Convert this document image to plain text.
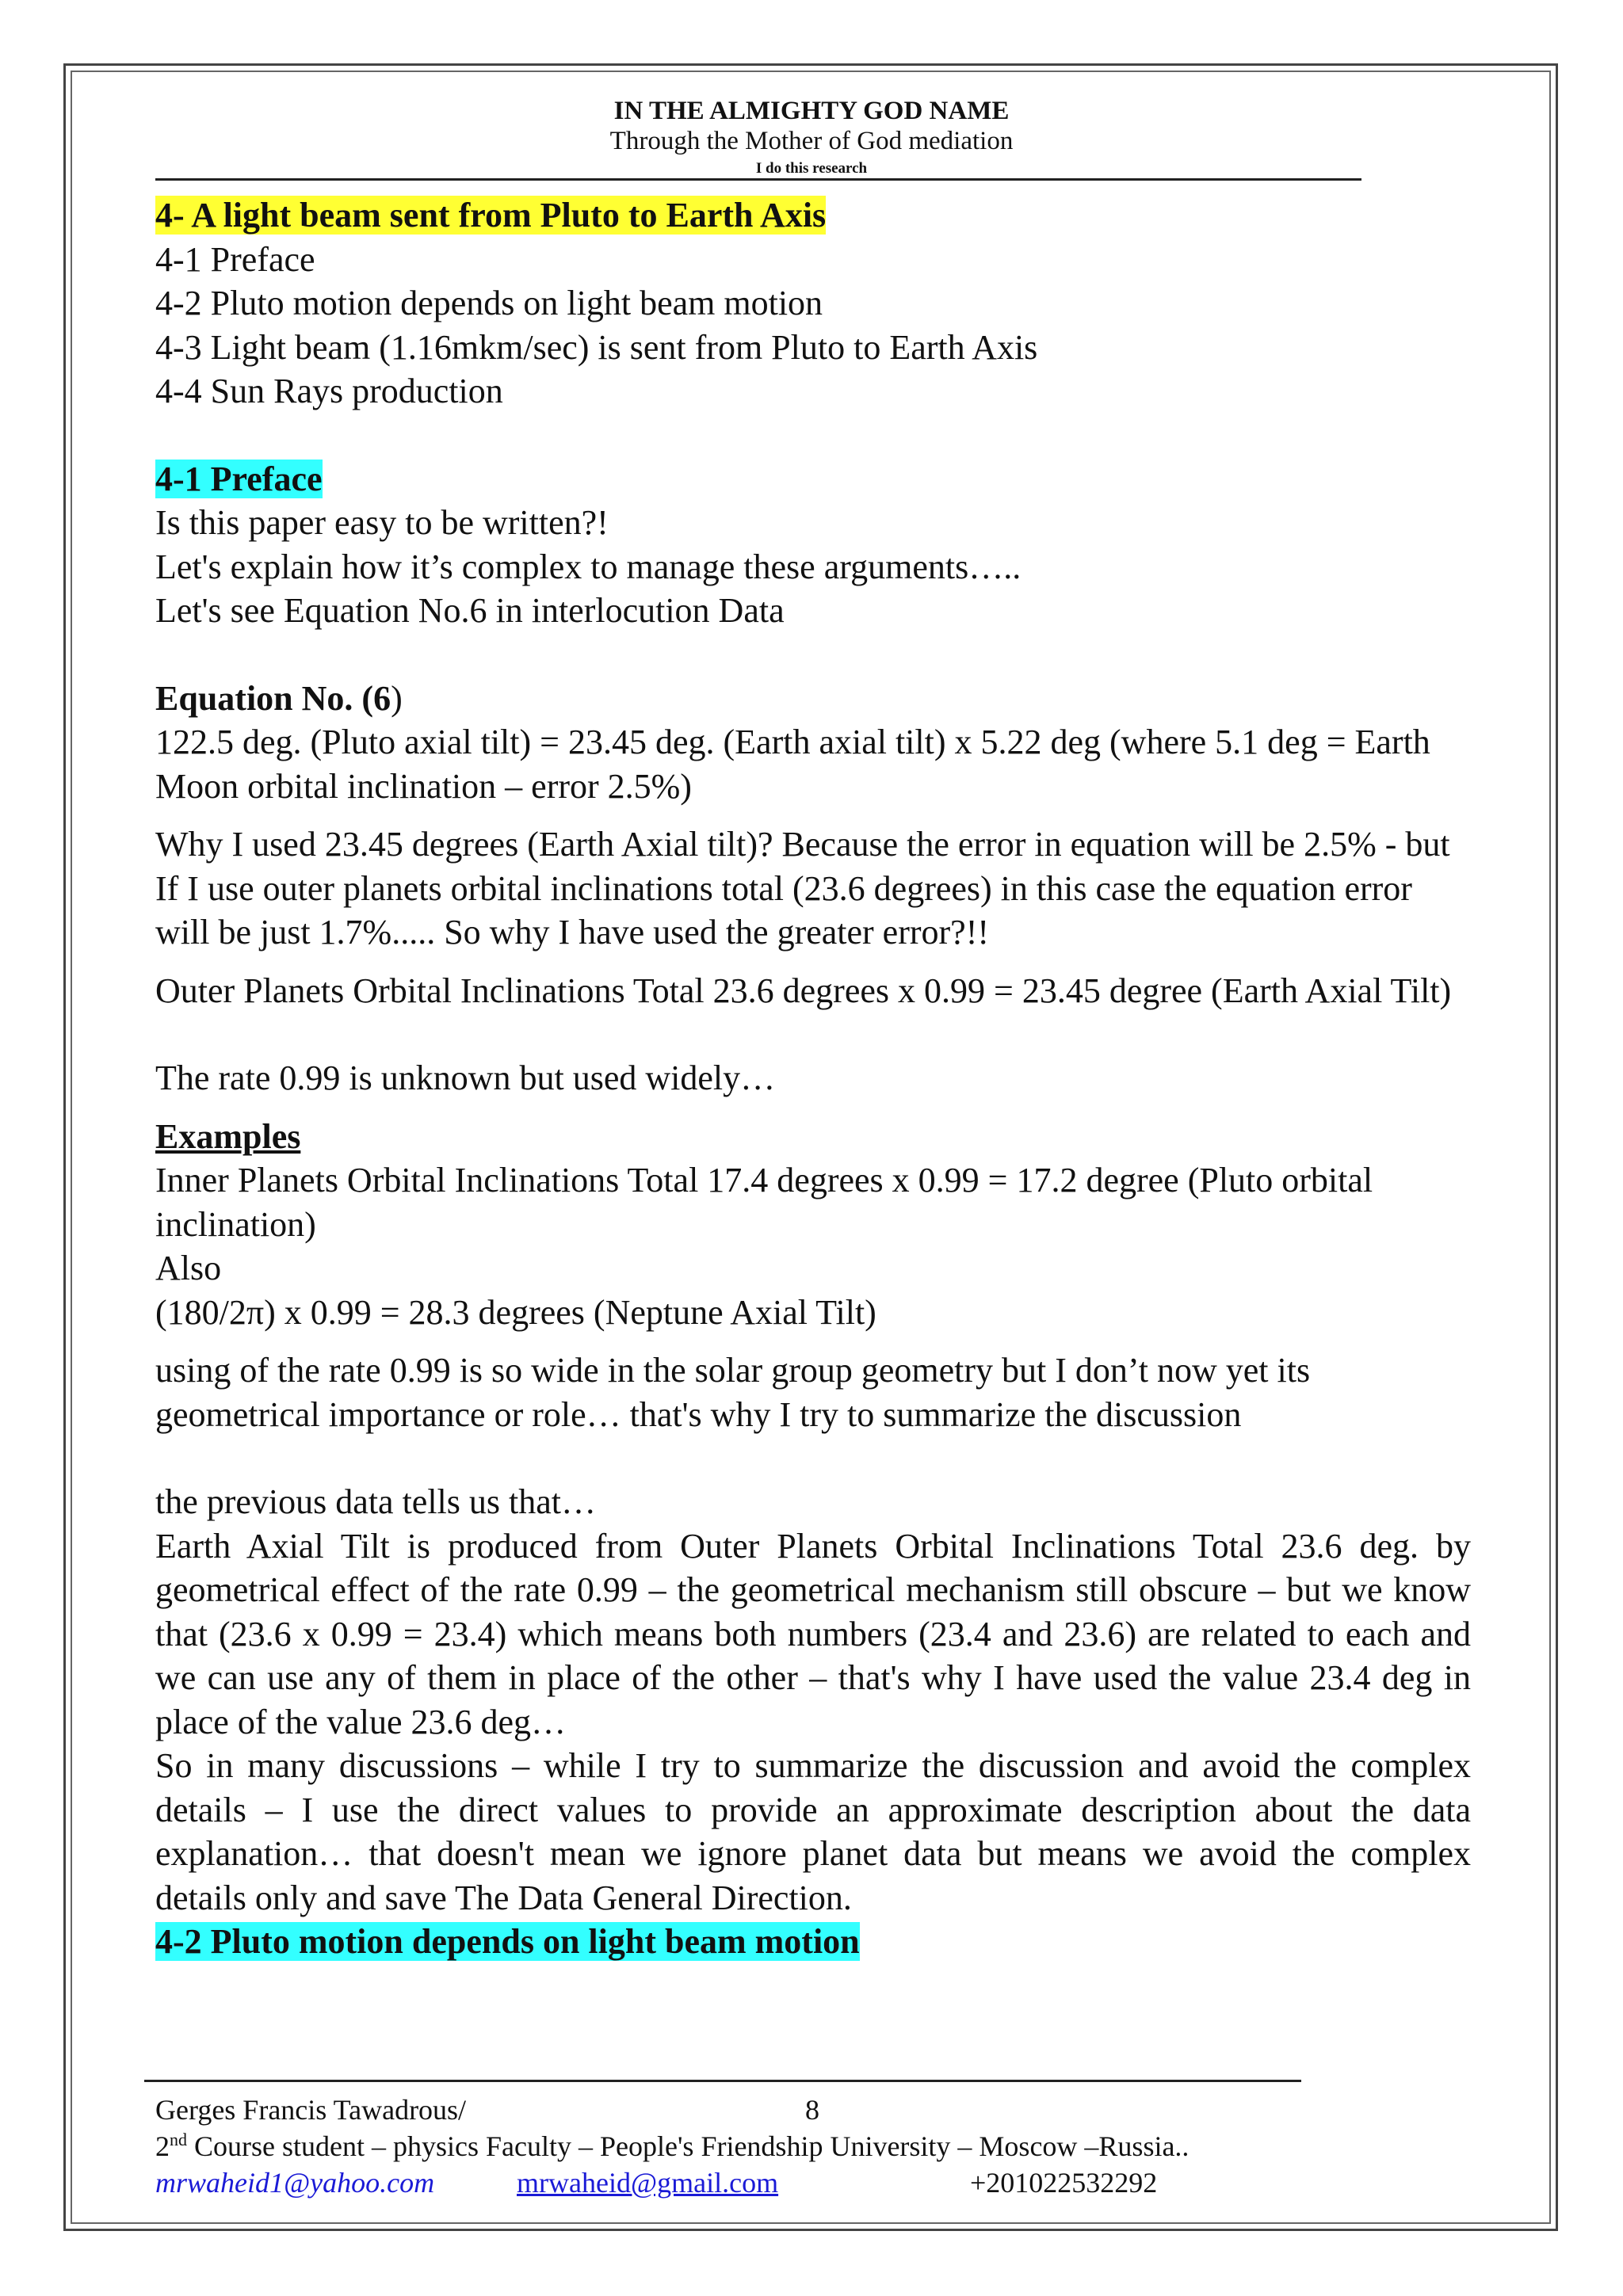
IN THE ALMIGHTY GOD NAME
Through the Mother of God mediation
I do this research
4- A light beam sent from Pluto to Earth Axis
4-1 Preface
4-2 Pluto motion depends on light beam motion
4-3 Light beam (1.16mkm/sec) is sent from Pluto to Earth Axis
4-4 Sun Rays production
4-1 Preface
Is this paper easy to be written?!
Let's explain how it’s complex to manage these arguments…..
Let's see Equation No.6 in interlocution Data
Equation No. (6)

122.5 deg. (Pluto axial tilt) = 23.45 deg. (Earth axial tilt) x 5.22 deg (where 5.1 deg = Earth Moon orbital inclination – error 2.5%)

Why I used 23.45 degrees (Earth Axial tilt)? Because the error in equation will be 2.5% - but If I use outer planets orbital inclinations total (23.6 degrees) in this case the equation error will be just 1.7%..... So why I have used the greater error?!!

Outer Planets Orbital Inclinations Total 23.6 degrees x 0.99 = 23.45 degree (Earth Axial Tilt)

The rate 0.99 is unknown but used widely…

Examples

Inner Planets Orbital Inclinations Total 17.4 degrees x 0.99 = 17.2 degree (Pluto orbital inclination)

Also
(180/2π) x 0.99 = 28.3 degrees (Neptune Axial Tilt)

using of the rate 0.99 is so wide in the solar group geometry but I don’t now yet its geometrical importance or role… that's why I try to summarize the discussion

the previous data tells us that…

Earth Axial Tilt is produced from Outer Planets Orbital Inclinations Total 23.6 deg. by geometrical effect of the rate 0.99 – the geometrical mechanism still obscure – but we know that (23.6 x 0.99 = 23.4) which means both numbers (23.4 and 23.6) are related to each and we can use any of them in place of the other – that's why I have used the value 23.4 deg in place of the value 23.6 deg…

So in many discussions – while I try to summarize the discussion and avoid the complex details – I use the direct values to provide an approximate description about the data explanation… that doesn't mean we ignore planet data but means we avoid the complex details only and save The Data General Direction.

4-2 Pluto motion depends on light beam motion
Gerges Francis Tawadrous/	8
2nd Course student – physics Faculty – People's Friendship University – Moscow –Russia..
mrwaheid1@yahoo.com	mrwaheid@gmail.com	+201022532292
